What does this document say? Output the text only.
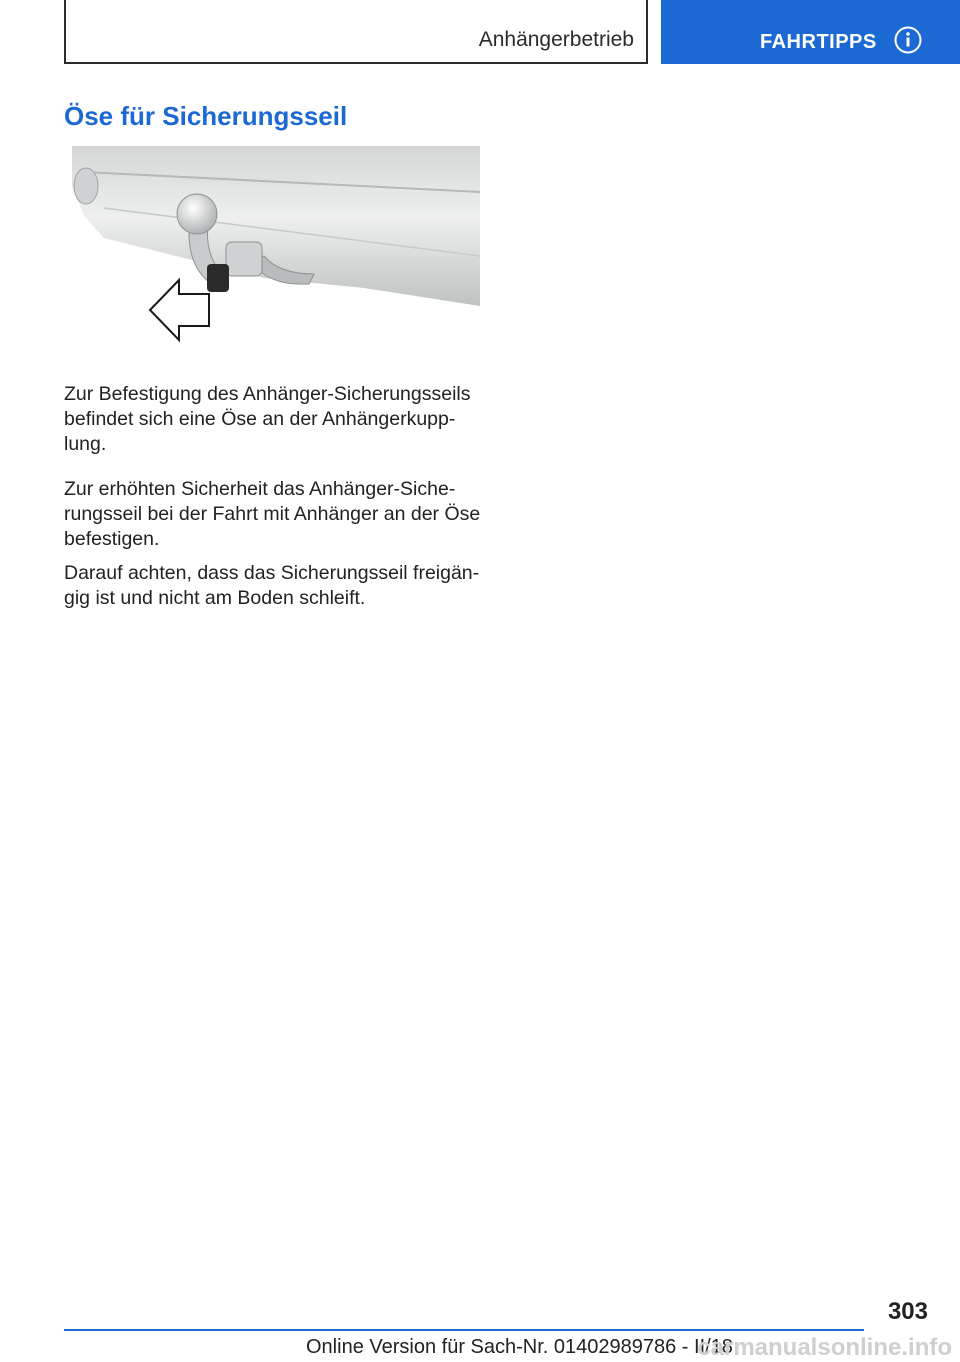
Anhängerbetrieb	FAHRTIPPS
Öse für Sicherungsseil
Zur Befestigung des Anhänger-Sicherungsseils befindet sich eine Öse an der Anhängerkupp-lung.
Zur erhöhten Sicherheit das Anhänger-Siche-rungsseil bei der Fahrt mit Anhänger an der Öse befestigen.
Darauf achten, dass das Sicherungsseil freigän-gig ist und nicht am Boden schleift.
303
Online Version für Sach-Nr. 01402989786 - II/18
carmanualsonline.info
